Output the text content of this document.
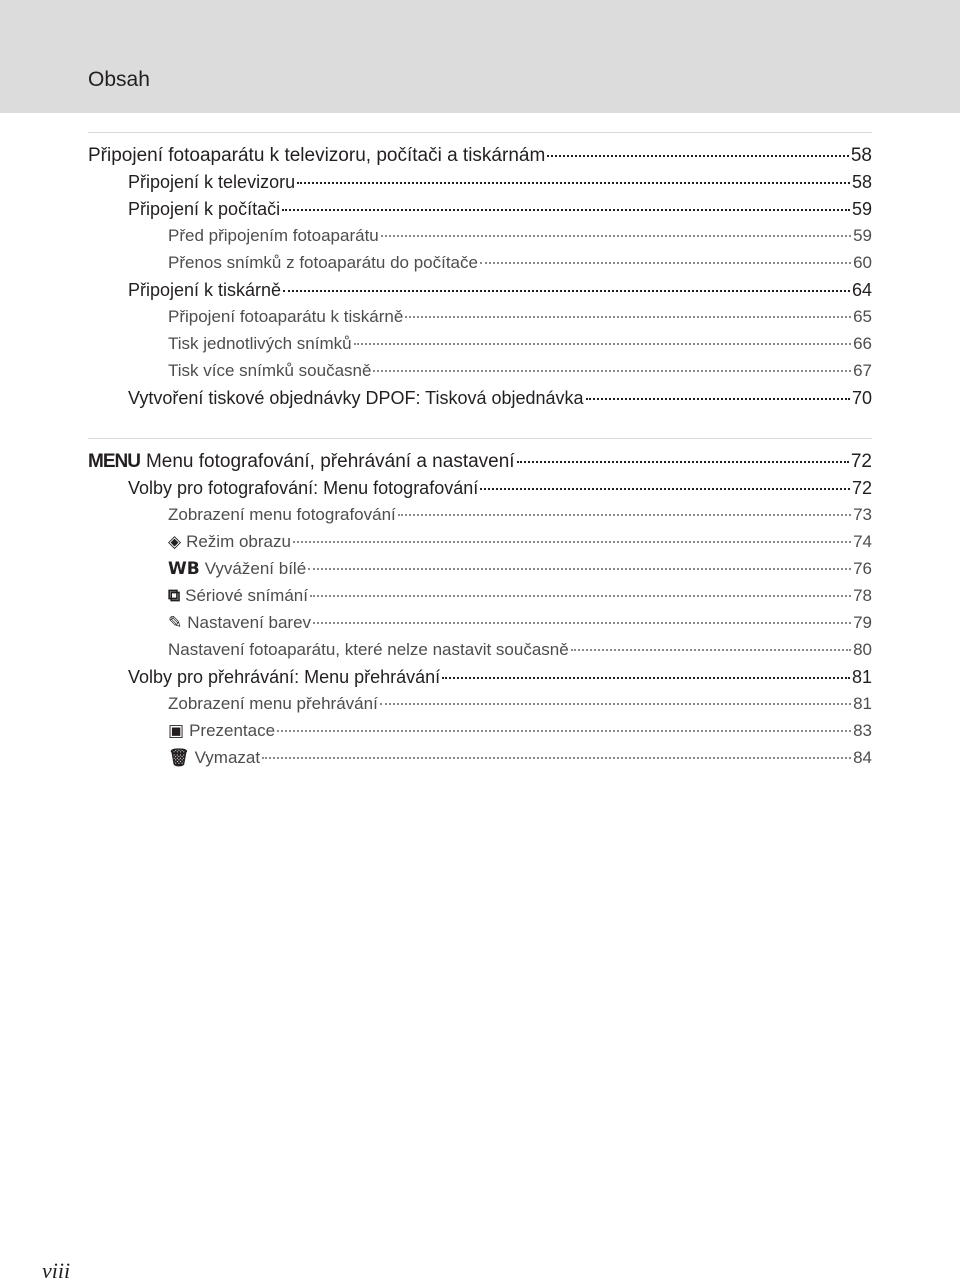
Obsah
Připojení fotoaparátu k televizoru, počítači a tiskárnám	58
Připojení k televizoru	58
Připojení k počítači	59
Před připojením fotoaparátu	59
Přenos snímků z fotoaparátu do počítače	60
Připojení k tiskárně	64
Připojení fotoaparátu k tiskárně	65
Tisk jednotlivých snímků	66
Tisk více snímků současně	67
Vytvoření tiskové objednávky DPOF: Tisková objednávka	70
MENU Menu fotografování, přehrávání a nastavení	72
Volby pro fotografování: Menu fotografování	72
Zobrazení menu fotografování	73
◈ Režim obrazu	74
WB Vyvážení bílé	76
⧉ Sériové snímání	78
✎ Nastavení barev	79
Nastavení fotoaparátu, které nelze nastavit současně	80
Volby pro přehrávání: Menu přehrávání	81
Zobrazení menu přehrávání	81
▣ Prezentace	83
🗑 Vymazat	84
viii
